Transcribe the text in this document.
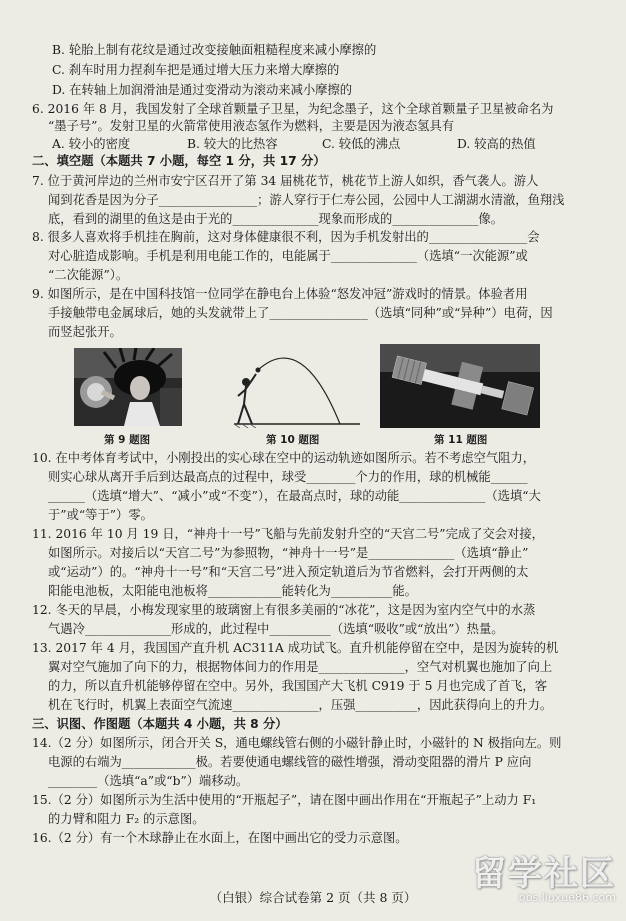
B. 轮胎上制有花纹是通过改变接触面粗糙程度来减小摩擦的
C. 刹车时用力捏刹车把是通过增大压力来增大摩擦的
D. 在转轴上加润滑油是通过变滑动为滚动来减小摩擦的
6. 2016 年 8 月，我国发射了全球首颗量子卫星，为纪念墨子，这个全球首颗量子卫星被命名为
“墨子号”。发射卫星的火箭常使用液态氢作为燃料，主要是因为液态氢具有
A. 较小的密度	B. 较大的比热容	C. 较低的沸点	D. 较高的热值
二、填空题（本题共 7 小题，每空 1 分，共 17 分）
7. 位于黄河岸边的兰州市安宁区召开了第 34 届桃花节，桃花节上游人如织，香气袭人。游人
闻到花香是因为分子________________；游人穿行于仁寿公园，公园中人工湖湖水清澈，鱼翔浅
底，看到的湖里的鱼这是由于光的______________现象而形成的______________像。
8. 很多人喜欢将手机挂在胸前，这对身体健康很不利，因为手机发射出的________________会
对心脏造成影响。手机是利用电能工作的，电能属于______________（选填“一次能源”或
“二次能源”）。
9. 如图所示，是在中国科技馆一位同学在静电台上体验“怒发冲冠”游戏时的情景。体验者用
手接触带电金属球后，她的头发就带上了________________（选填“同种”或“异种”）电荷，因
而竖起张开。
第 9 题图	第 10 题图	第 11 题图
10. 在中考体育考试中，小刚投出的实心球在空中的运动轨迹如图所示。若不考虑空气阻力，
则实心球从离开手后到达最高点的过程中，球受________个力的作用，球的机械能______
______（选填“增大”、“减小”或“不变”），在最高点时，球的动能______________（选填“大
于”或“等于”）零。
11. 2016 年 10 月 19 日，“神舟十一号”飞船与先前发射升空的“天宫二号”完成了交会对接，
如图所示。对接后以“天宫二号”为参照物，“神舟十一号”是______________（选填“静止”
或“运动”）的。“神舟十一号”和“天宫二号”进入预定轨道后为节省燃料，会打开两侧的太
阳能电池板，太阳能电池板将____________能转化为__________能。
12. 冬天的早晨，小梅发现家里的玻璃窗上有很多美丽的“冰花”，这是因为室内空气中的水蒸
气遇冷______________形成的，此过程中__________（选填“吸收”或“放出”）热量。
13. 2017 年 4 月，我国国产直升机 AC311A 成功试飞。直升机能停留在空中，是因为旋转的机
翼对空气施加了向下的力，根据物体间力的作用是______________，空气对机翼也施加了向上
的力，所以直升机能够停留在空中。另外，我国国产大飞机 C919 于 5 月也完成了首飞，客
机在飞行时，机翼上表面空气流速______________，压强__________，因此获得向上的升力。
三、识图、作图题（本题共 4 小题，共 8 分）
14.（2 分）如图所示，闭合开关 S，通电螺线管右侧的小磁针静止时，小磁针的 N 极指向左。则
电源的右端为____________极。若要使通电螺线管的磁性增强，滑动变阻器的滑片 P 应向
________（选填“a”或“b”）端移动。
15.（2 分）如图所示为生活中使用的“开瓶起子”，请在图中画出作用在“开瓶起子”上动力 F₁
的力臂和阻力 F₂ 的示意图。
16.（2 分）有一个木球静止在水面上，在图中画出它的受力示意图。
（白银）综合试卷第 2 页（共 8 页）
留学社区
bbs.liuxue86.com
